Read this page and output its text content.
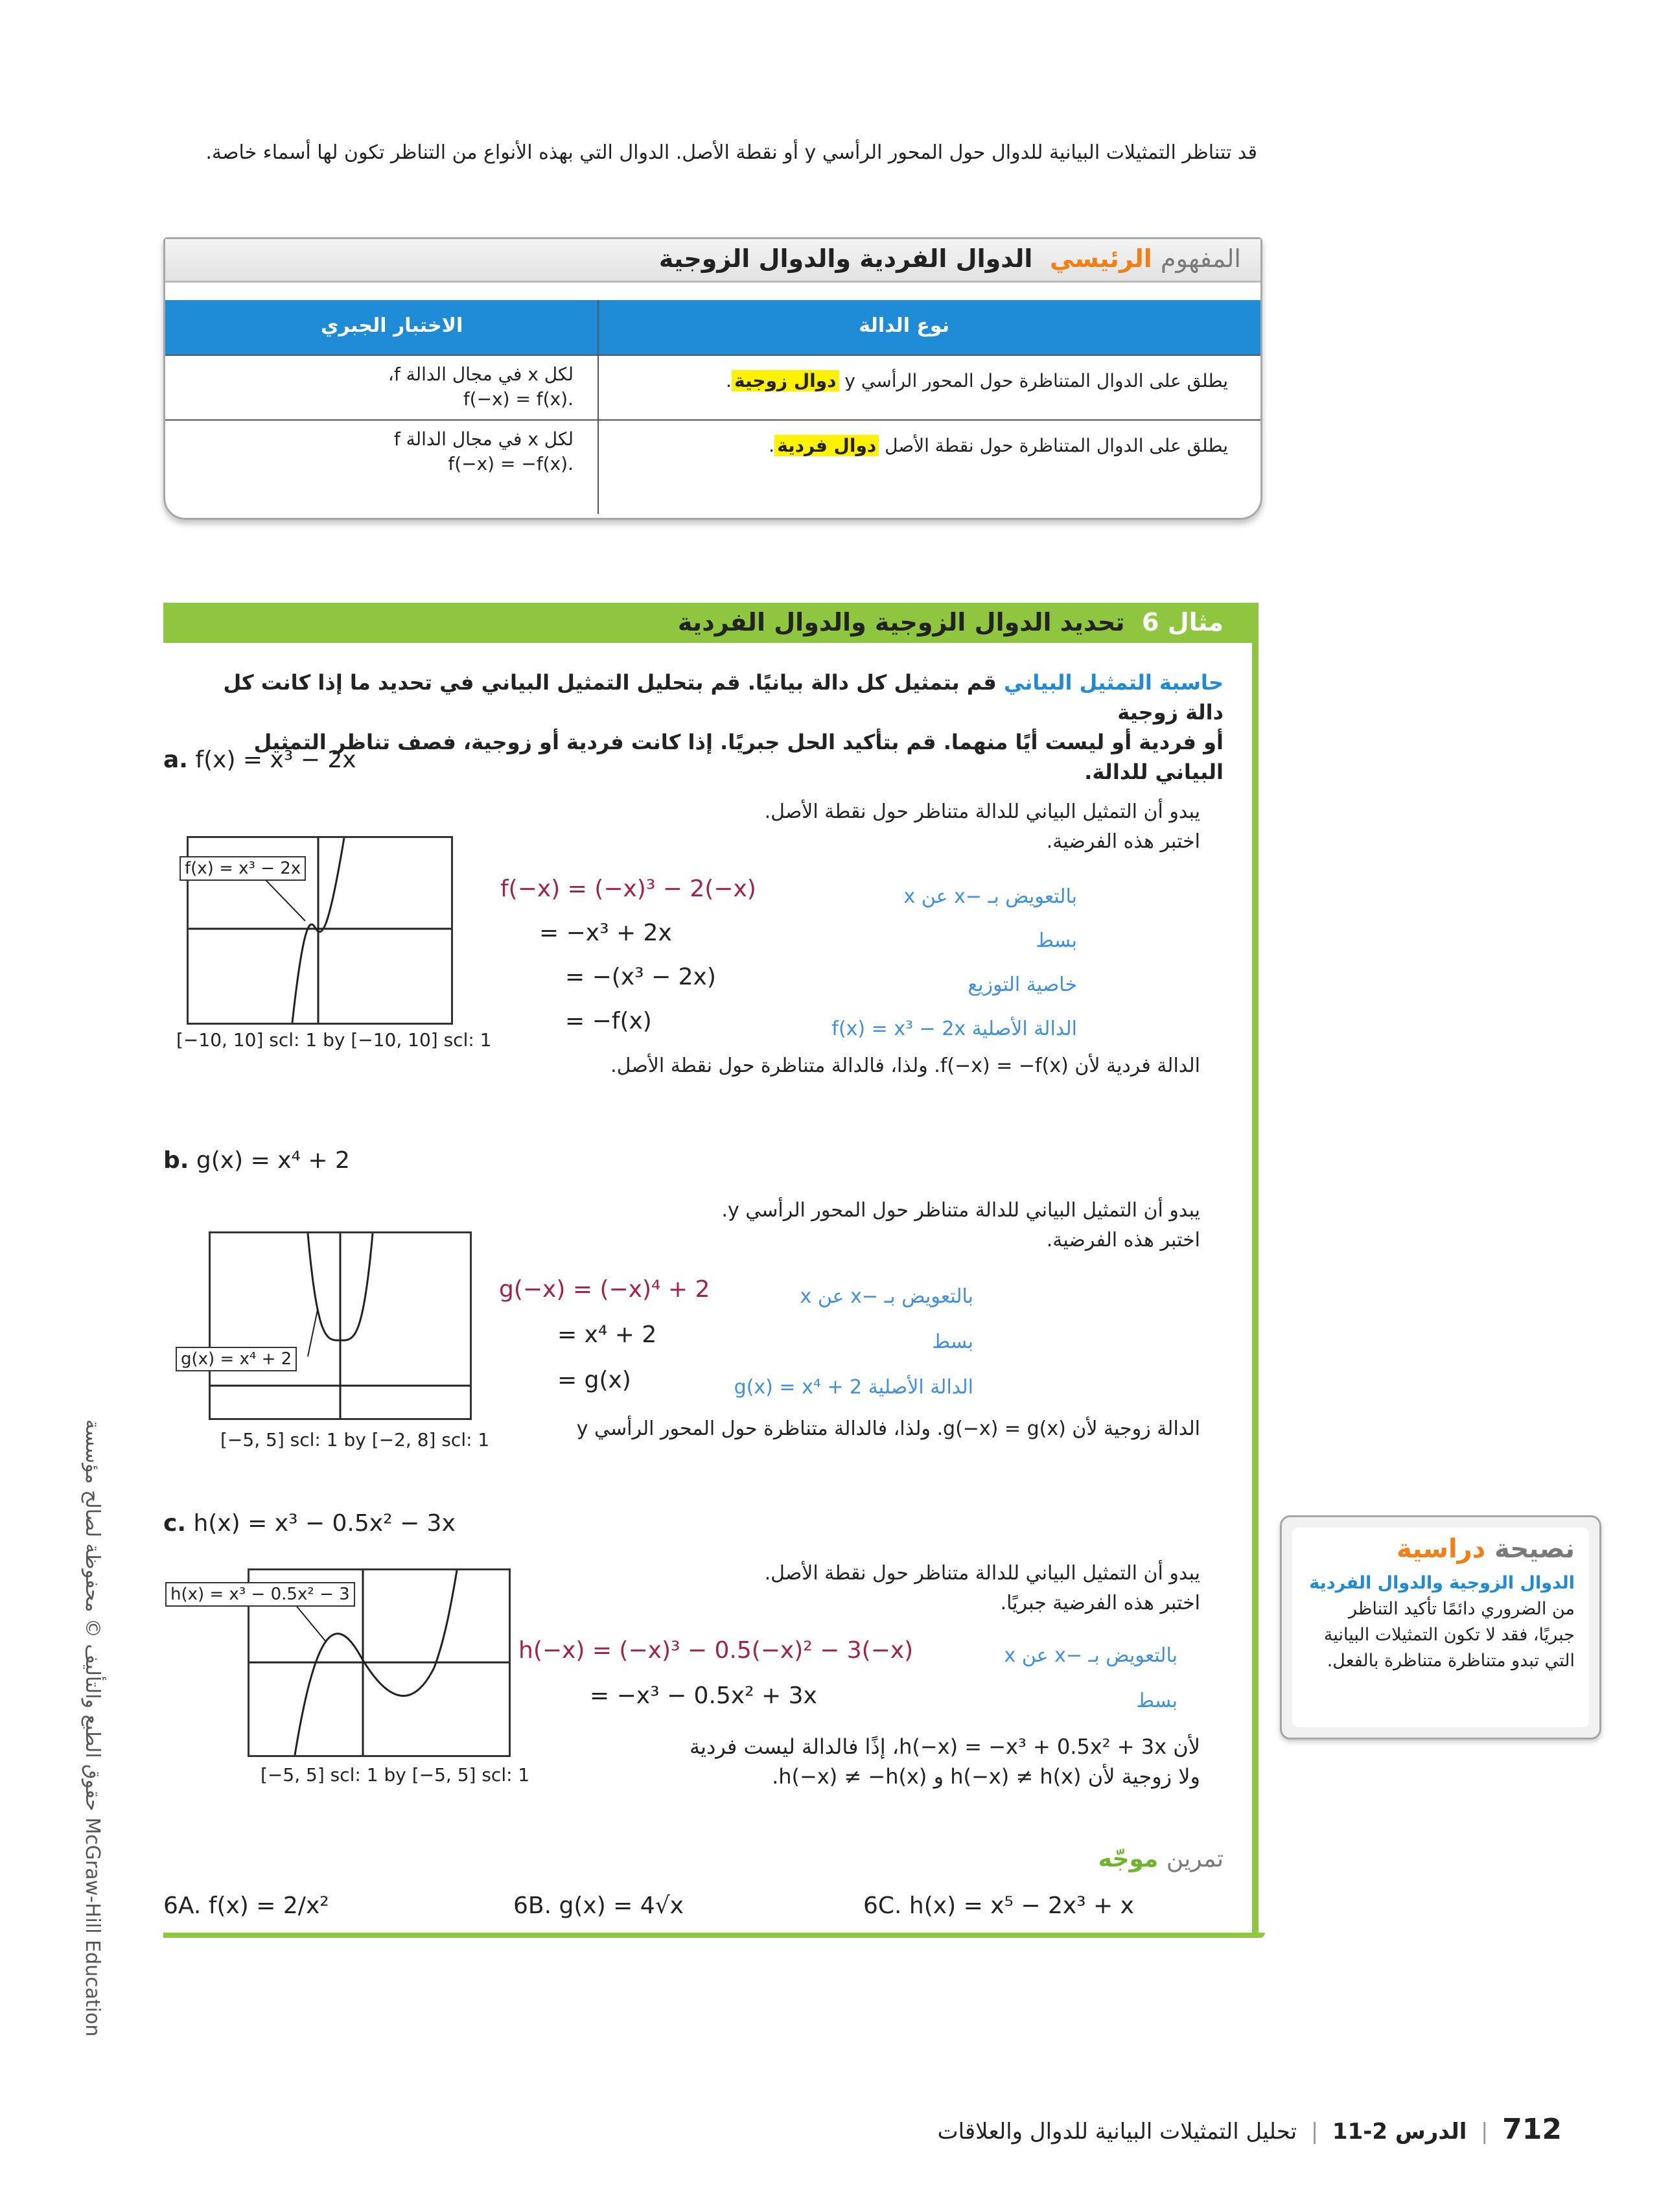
قد تتناظر التمثيلات البيانية للدوال حول المحور الرأسي y أو نقطة الأصل. الدوال التي بهذه الأنواع من التناظر تكون لها أسماء خاصة.
المفهوم الرئيسي  الدوال الفردية والدوال الزوجية
نوع الدالة
الاختبار الجبري
يطلق على الدوال المتناظرة حول المحور الرأسي y دوال زوجية.
لكل x في مجال الدالة f،
f(−x) = f(x).
يطلق على الدوال المتناظرة حول نقطة الأصل دوال فردية.
لكل x في مجال الدالة f
f(−x) = −f(x).
مثال 6  تحديد الدوال الزوجية والدوال الفردية
حاسبة التمثيل البياني قم بتمثيل كل دالة بيانيًا. قم بتحليل التمثيل البياني في تحديد ما إذا كانت كل دالة زوجية
أو فردية أو ليست أيًا منهما. قم بتأكيد الحل جبريًا. إذا كانت فردية أو زوجية، فصف تناظر التمثيل البياني للدالة.
a. f(x) = x³ − 2x
f(x) = x³ − 2x
[−10, 10] scl: 1 by [−10, 10] scl: 1
يبدو أن التمثيل البياني للدالة متناظر حول نقطة الأصل.
اختبر هذه الفرضية.
f(−x) = (−x)³ − 2(−x)
= −x³ + 2x
= −(x³ − 2x)
= −f(x)
بالتعويض بـ −x عن x
بسط
خاصية التوزيع
الدالة الأصلية f(x) = x³ − 2x
الدالة فردية لأن f(−x) = −f(x). ولذا، فالدالة متناظرة حول نقطة الأصل.
b. g(x) = x⁴ + 2
g(x) = x⁴ + 2
[−5, 5] scl: 1 by [−2, 8] scl: 1
يبدو أن التمثيل البياني للدالة متناظر حول المحور الرأسي y.
اختبر هذه الفرضية.
g(−x) = (−x)⁴ + 2
= x⁴ + 2
= g(x)
بالتعويض بـ −x عن x
بسط
الدالة الأصلية g(x) = x⁴ + 2
الدالة زوجية لأن g(−x) = g(x). ولذا، فالدالة متناظرة حول المحور الرأسي y
c. h(x) = x³ − 0.5x² − 3x
h(x) = x³ − 0.5x² − 3
[−5, 5] scl: 1 by [−5, 5] scl: 1
يبدو أن التمثيل البياني للدالة متناظر حول نقطة الأصل.
اختبر هذه الفرضية جبريًا.
h(−x) = (−x)³ − 0.5(−x)² − 3(−x)
= −x³ − 0.5x² + 3x
بالتعويض بـ −x عن x
بسط
لأن h(−x) = −x³ + 0.5x² + 3x، إذًا فالدالة ليست فردية
ولا زوجية لأن h(−x) ≠ h(x) و h(−x) ≠ −h(x).
تمرين موجّه
6A. f(x) = 2/x²	6B. g(x) = 4√x	6C. h(x) = x⁵ − 2x³ + x
نصيحة دراسية
الدوال الزوجية والدوال الفردية من الضروري دائمًا تأكيد التناظر جبريًا، فقد لا تكون التمثيلات البيانية التي تبدو متناظرة متناظرة بالفعل.
حقوق الطبع والتأليف © محفوظة لصالح مؤسسة McGraw-Hill Education
712  |  الدرس 2-11  |  تحليل التمثيلات البيانية للدوال والعلاقات
